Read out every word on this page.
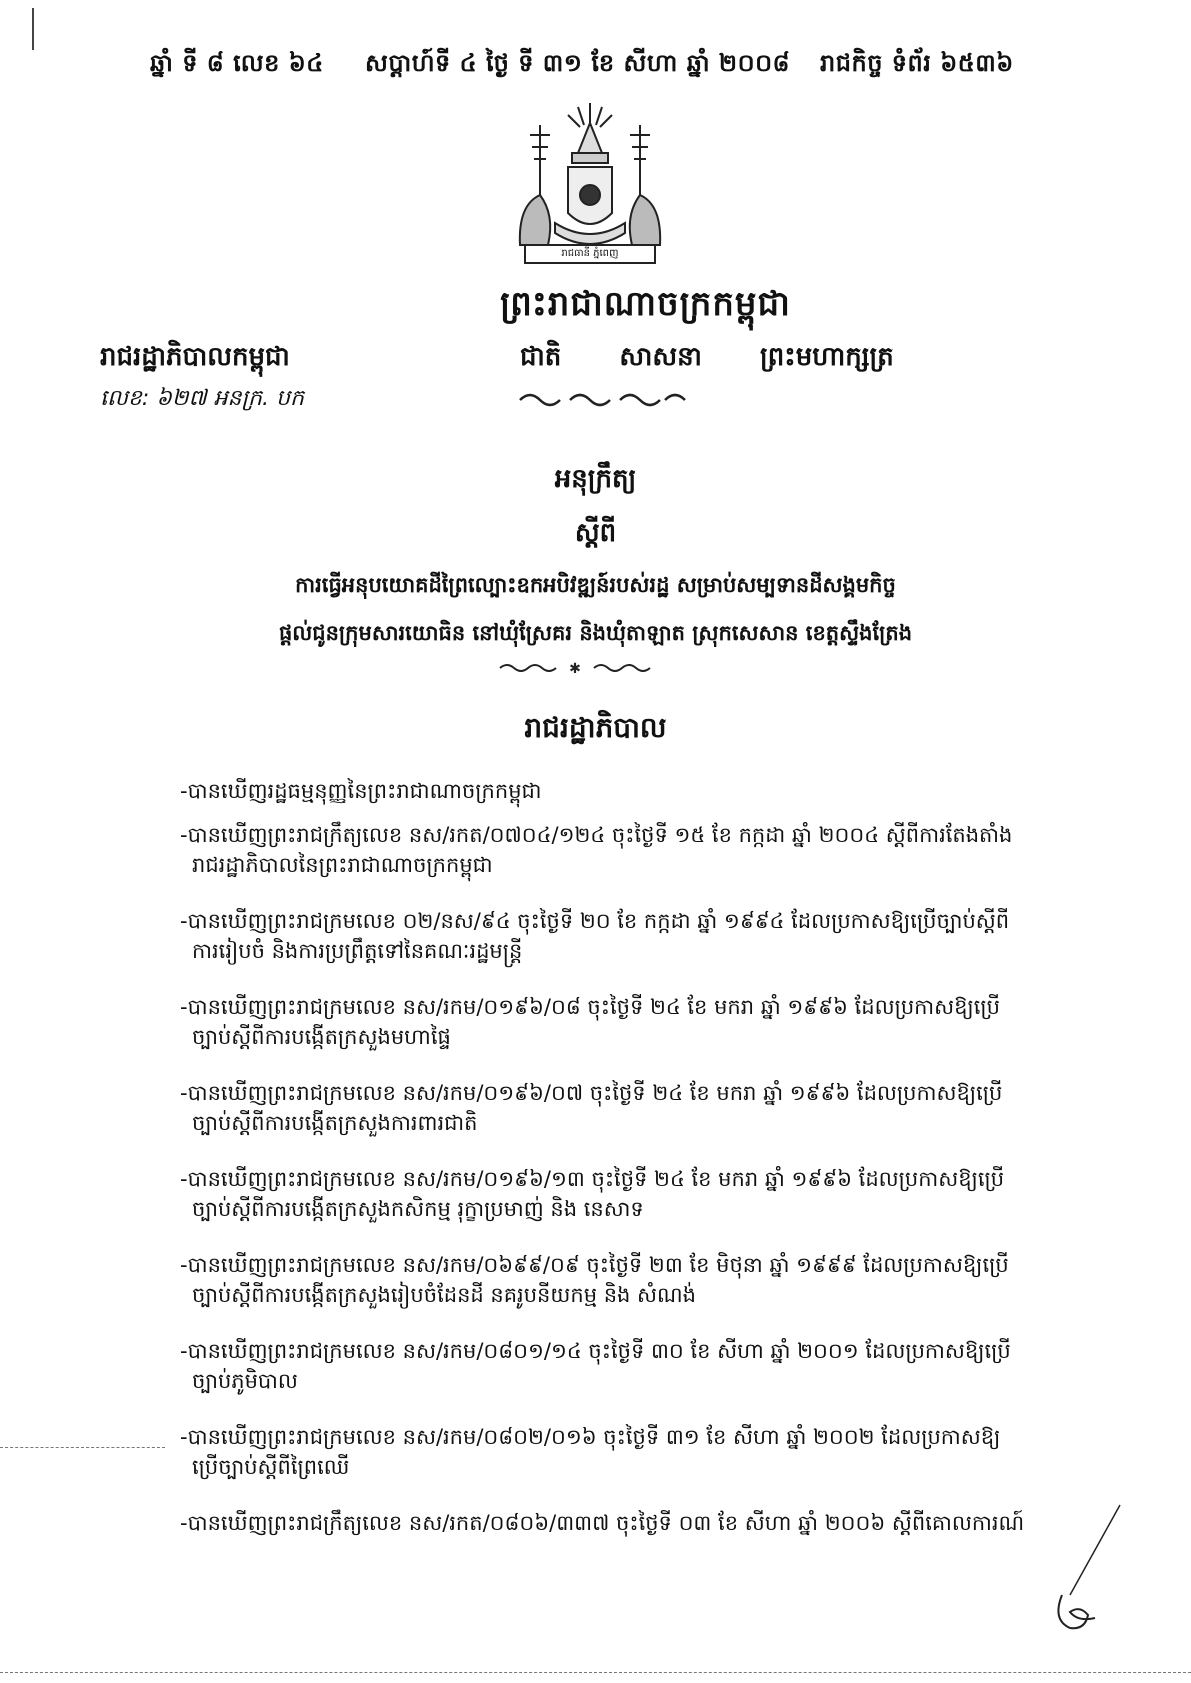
ឆ្នាំ ទី ៨ លេខ ៦៤ សប្តាហ៍ទី ៤ ថ្ងៃ ទី ៣១ ខែ សីហា ឆ្នាំ ២០០៨ រាជកិច្ច ទំព័រ ៦៥៣៦
រាជធានី ភ្នំពេញ
ព្រះរាជាណាចក្រកម្ពុជា
រាជរដ្ឋាភិបាលកម្ពុជា	ជាតិ សាសនា ព្រះមហាក្សត្រ
លេខ: ៦២៧ អនក្រ. បក
អនុក្រឹត្យ
ស្តីពី
ការធ្វើអនុបយោគដីព្រៃល្បោះឧកអបិវឌ្ឍន៍របស់រដ្ឋ សម្រាប់សម្បទានដីសង្គមកិច្ច
ផ្តល់ជូនក្រុមសារយោធិន នៅឃុំស្រែគរ និងឃុំតាឡាត ស្រុកសេសាន ខេត្តស្ទឹងត្រែង
✱
រាជរដ្ឋាភិបាល
-បានឃើញរដ្ឋធម្មនុញ្ញនៃព្រះរាជាណាចក្រកម្ពុជា
-បានឃើញព្រះរាជក្រឹត្យលេខ នស/រកត/០៧០៤/១២៤ ចុះថ្ងៃទី ១៥ ខែ កក្កដា ឆ្នាំ ២០០៤ ស្តីពីការតែងតាំង
រាជរដ្ឋាភិបាលនៃព្រះរាជាណាចក្រកម្ពុជា
-បានឃើញព្រះរាជក្រមលេខ ០២/នស/៩៤ ចុះថ្ងៃទី ២០ ខែ កក្កដា ឆ្នាំ ១៩៩៤ ដែលប្រកាសឱ្យប្រើច្បាប់ស្តីពី
ការរៀបចំ និងការប្រព្រឹត្តទៅនៃគណៈរដ្ឋមន្ត្រី
-បានឃើញព្រះរាជក្រមលេខ នស/រកម/០១៩៦/០៨ ចុះថ្ងៃទី ២៤ ខែ មករា ឆ្នាំ ១៩៩៦ ដែលប្រកាសឱ្យប្រើ
ច្បាប់ស្តីពីការបង្កើតក្រសួងមហាផ្ទៃ
-បានឃើញព្រះរាជក្រមលេខ នស/រកម/០១៩៦/០៧ ចុះថ្ងៃទី ២៤ ខែ មករា ឆ្នាំ ១៩៩៦ ដែលប្រកាសឱ្យប្រើ
ច្បាប់ស្តីពីការបង្កើតក្រសួងការពារជាតិ
-បានឃើញព្រះរាជក្រមលេខ នស/រកម/០១៩៦/១៣ ចុះថ្ងៃទី ២៤ ខែ មករា ឆ្នាំ ១៩៩៦ ដែលប្រកាសឱ្យប្រើ
ច្បាប់ស្តីពីការបង្កើតក្រសួងកសិកម្ម រុក្ខាប្រមាញ់ និង នេសាទ
-បានឃើញព្រះរាជក្រមលេខ នស/រកម/០៦៩៩/០៩ ចុះថ្ងៃទី ២៣ ខែ មិថុនា ឆ្នាំ ១៩៩៩ ដែលប្រកាសឱ្យប្រើ
ច្បាប់ស្តីពីការបង្កើតក្រសួងរៀបចំដែនដី នគរូបនីយកម្ម និង សំណង់
-បានឃើញព្រះរាជក្រមលេខ នស/រកម/០៨០១/១៤ ចុះថ្ងៃទី ៣០ ខែ សីហា ឆ្នាំ ២០០១ ដែលប្រកាសឱ្យប្រើ
ច្បាប់ភូមិបាល
-បានឃើញព្រះរាជក្រមលេខ នស/រកម/០៨០២/០១៦ ចុះថ្ងៃទី ៣១ ខែ សីហា ឆ្នាំ ២០០២ ដែលប្រកាសឱ្យ
ប្រើច្បាប់ស្តីពីព្រៃឈើ
-បានឃើញព្រះរាជក្រឹត្យលេខ នស/រកត/០៨០៦/៣៣៧ ចុះថ្ងៃទី ០៣ ខែ សីហា ឆ្នាំ ២០០៦ ស្តីពីគោលការណ៍
